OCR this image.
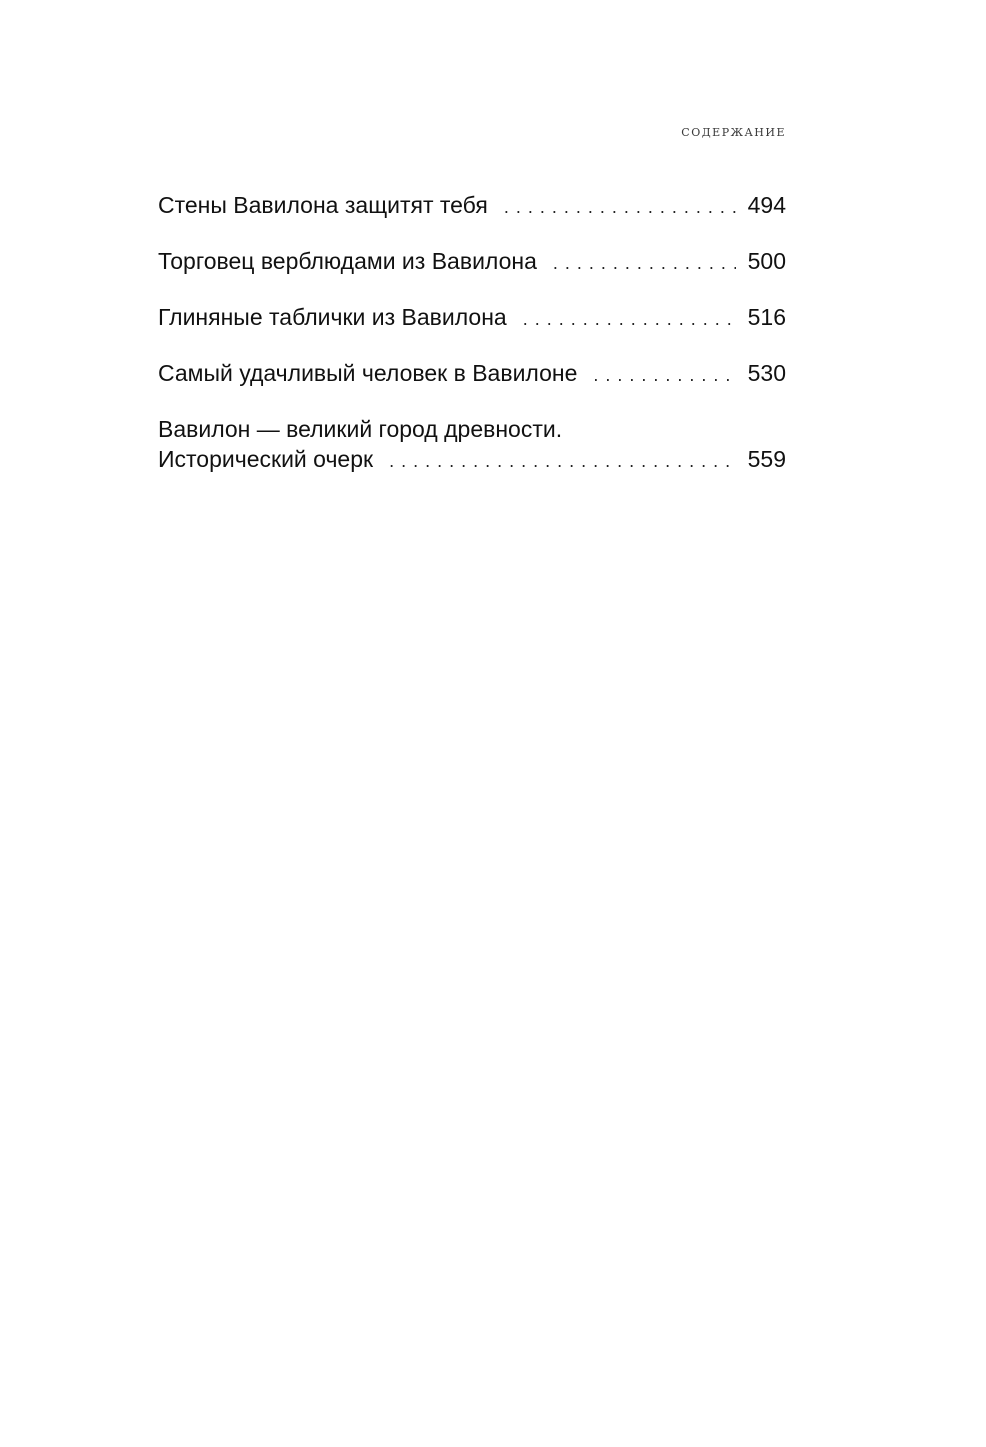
содержание
Стены Вавилона защитят тебя . . .	494
Торговец верблюдами из Вавилона . . .	500
Глиняные таблички из Вавилона . . .	516
Самый удачливый человек в Вавилоне . . .	530
Вавилон — великий город древности.
Исторический очерк . . .	559
